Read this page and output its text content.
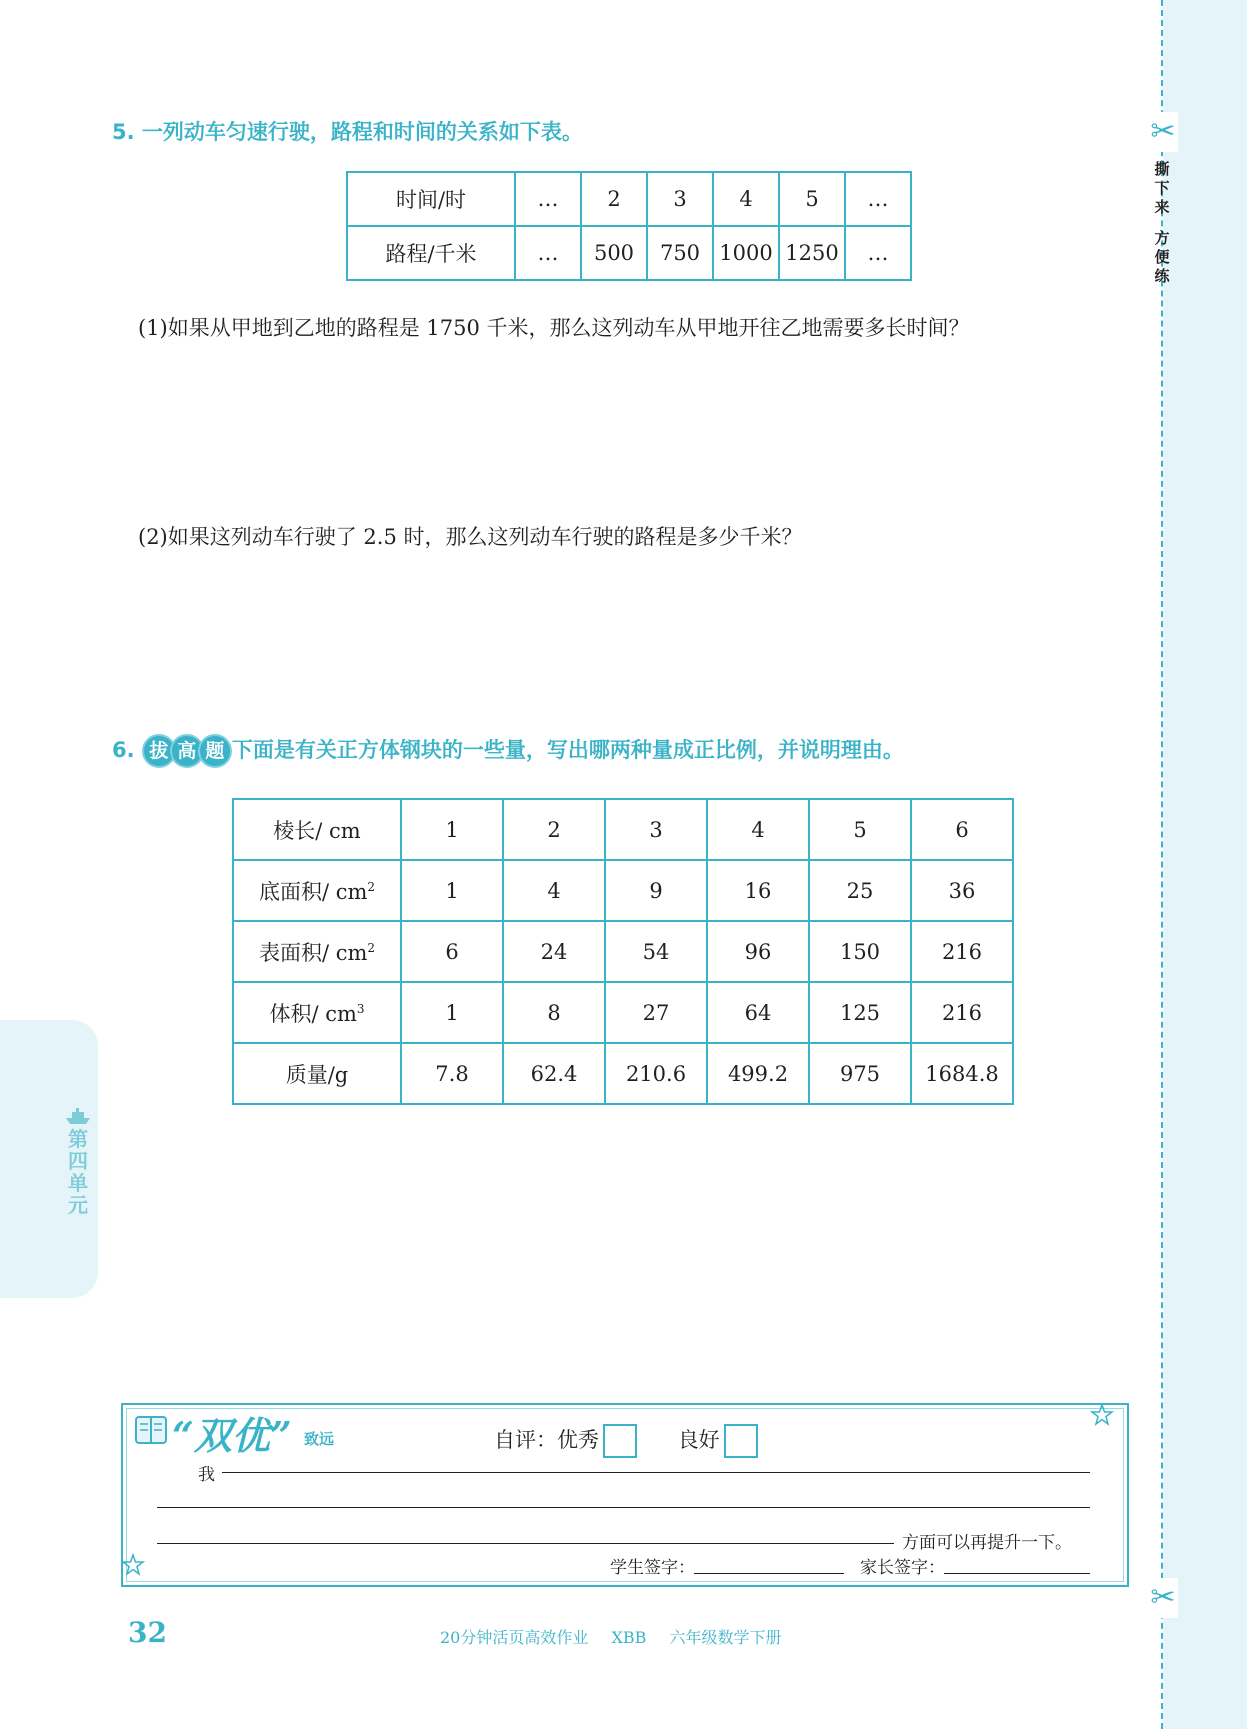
✂
✂
撕
下
来
方
便
练
第
四
单
元
5. 一列动车匀速行驶，路程和时间的关系如下表。
时间/时	…	2	3	4	5	…
路程/千米	…	500	750	1000	1250	…
(1)如果从甲地到乙地的路程是 1750 千米，那么这列动车从甲地开往乙地需要多长时间？
(2)如果这列动车行驶了 2.5 时，那么这列动车行驶的路程是多少千米？
6. 拔 高 题 下面是有关正方体钢块的一些量，写出哪两种量成正比例，并说明理由。
棱长/ cm	1	2	3	4	5	6
底面积/ $cm^2$	1	4	9	16	25	36
表面积/ $cm^2$	6	24	54	96	150	216
体积/ $cm^3$	1	8	27	64	125	216
质量/g	7.8	62.4	210.6	499.2	975	1684.8
“双优” 致远	自评：优秀	良好
我
方面可以再提升一下。
学生签字：	家长签字：
32	20分钟活页高效作业 XBB 六年级数学下册
